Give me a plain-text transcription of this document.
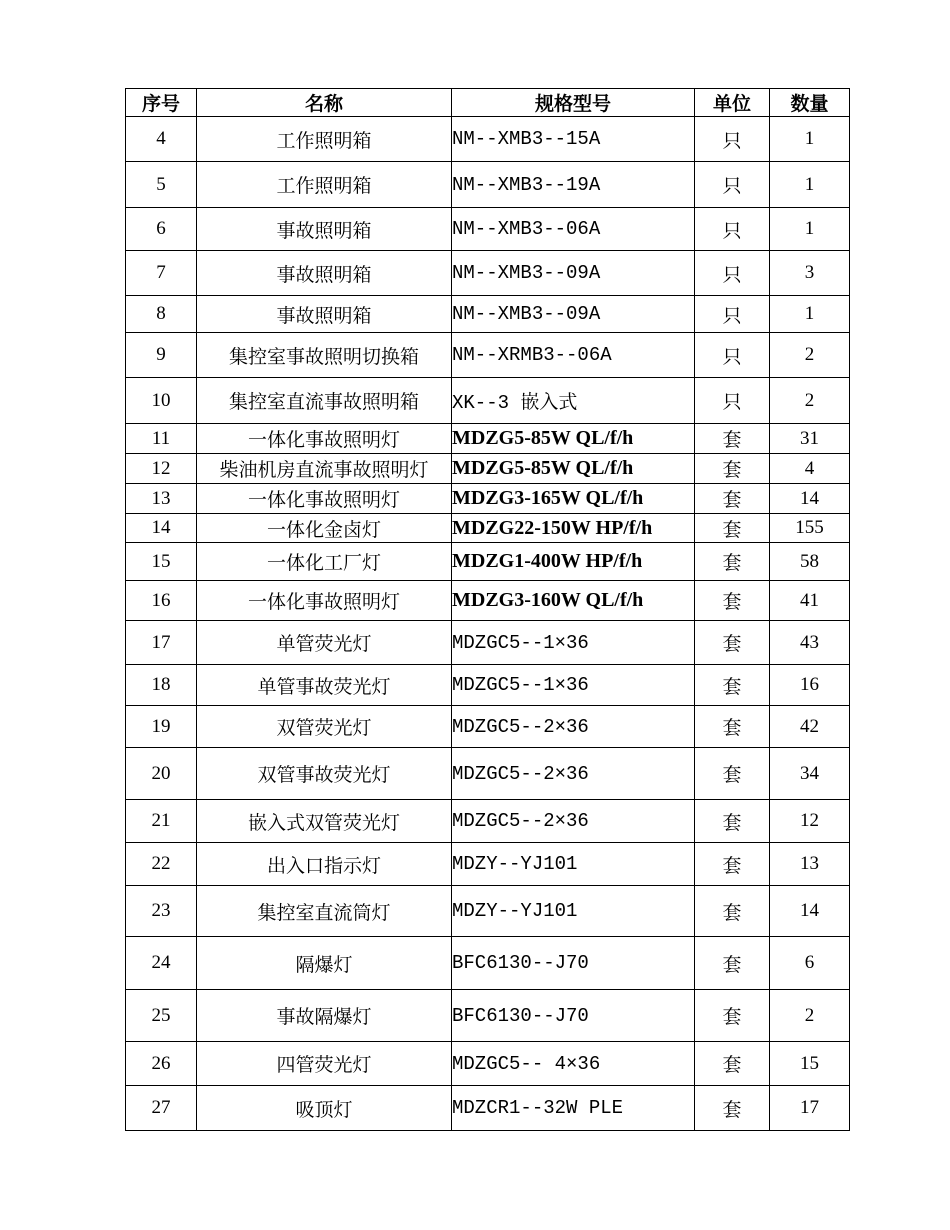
序号	名称	规格型号	单位	数量
4	工作照明箱	NM--XMB3--15A	只	1
5	工作照明箱	NM--XMB3--19A	只	1
6	事故照明箱	NM--XMB3--06A	只	1
7	事故照明箱	NM--XMB3--09A	只	3
8	事故照明箱	NM--XMB3--09A	只	1
9	集控室事故照明切换箱	NM--XRMB3--06A	只	2
10	集控室直流事故照明箱	XK--3 嵌入式	只	2
11	一体化事故照明灯	MDZG5-85W QL/f/h	套	31
12	柴油机房直流事故照明灯	MDZG5-85W QL/f/h	套	4
13	一体化事故照明灯	MDZG3-165W QL/f/h	套	14
14	一体化金卤灯	MDZG22-150W HP/f/h	套	155
15	一体化工厂灯	MDZG1-400W HP/f/h	套	58
16	一体化事故照明灯	MDZG3-160W QL/f/h	套	41
17	单管荧光灯	MDZGC5--1×36	套	43
18	单管事故荧光灯	MDZGC5--1×36	套	16
19	双管荧光灯	MDZGC5--2×36	套	42
20	双管事故荧光灯	MDZGC5--2×36	套	34
21	嵌入式双管荧光灯	MDZGC5--2×36	套	12
22	出入口指示灯	MDZY--YJ101	套	13
23	集控室直流筒灯	MDZY--YJ101	套	14
24	隔爆灯	BFC6130--J70	套	6
25	事故隔爆灯	BFC6130--J70	套	2
26	四管荧光灯	MDZGC5-- 4×36	套	15
27	吸顶灯	MDZCR1--32W PLE	套	17
